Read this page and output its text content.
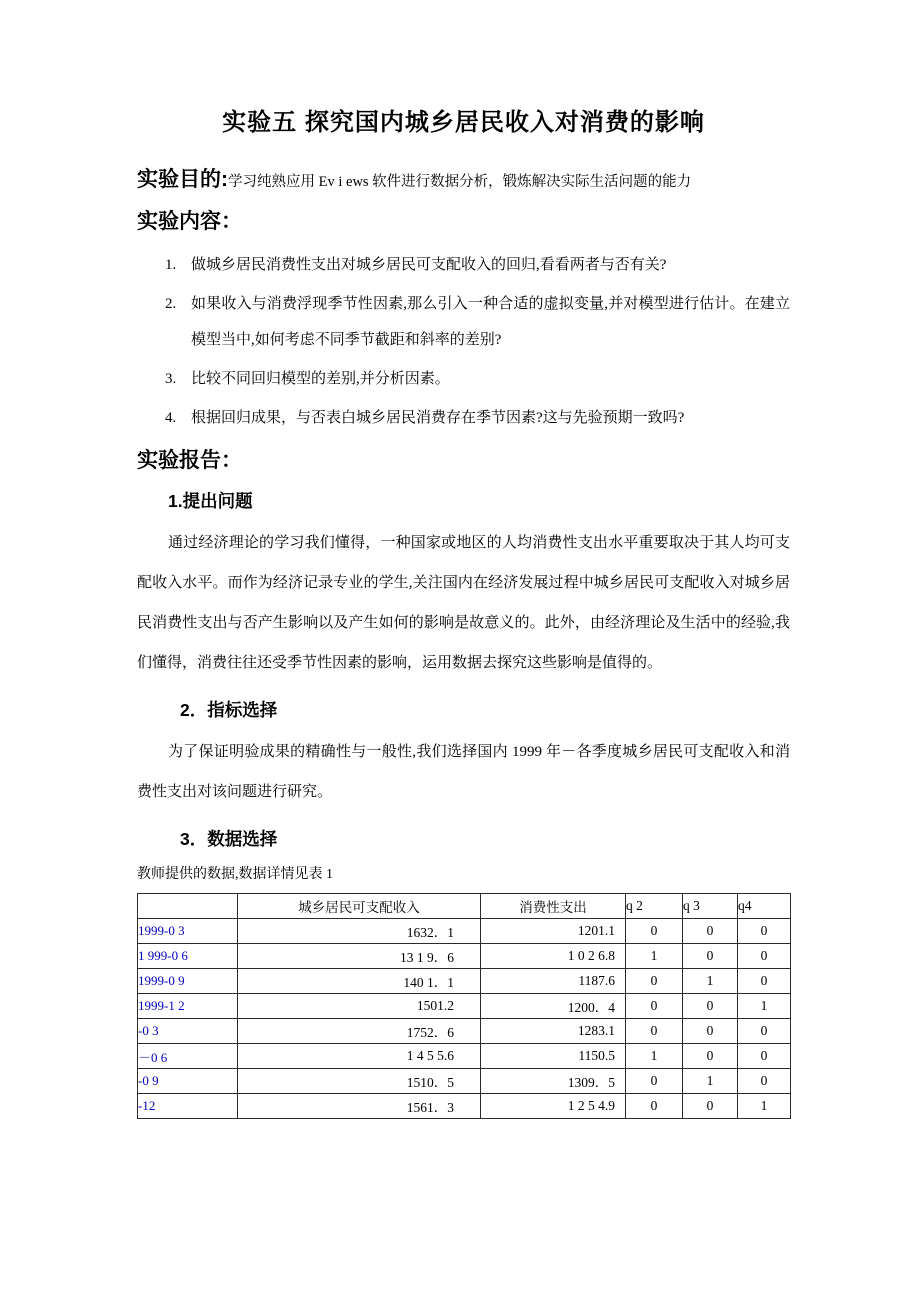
实验五 探究国内城乡居民收入对消费的影响

实验目的:学习纯熟应用 Ev i ews 软件进行数据分析，锻炼解决实际生活问题的能力

实验内容：

1. 做城乡居民消费性支出对城乡居民可支配收入的回归,看看两者与否有关?
2. 如果收入与消费浮现季节性因素,那么引入一种合适的虚拟变量,并对模型进行估计。在建立模型当中,如何考虑不同季节截距和斜率的差别?
3. 比较不同回归模型的差别,并分析因素。
4. 根据回归成果，与否表白城乡居民消费存在季节因素?这与先验预期一致吗?

实验报告：

1.提出问题

通过经济理论的学习我们懂得，一种国家或地区的人均消费性支出水平重要取决于其人均可支配收入水平。而作为经济记录专业的学生,关注国内在经济发展过程中城乡居民可支配收入对城乡居民消费性支出与否产生影响以及产生如何的影响是故意义的。此外，由经济理论及生活中的经验,我们懂得，消费往往还受季节性因素的影响，运用数据去探究这些影响是值得的。

2．指标选择

为了保证明验成果的精确性与一般性,我们选择国内 1999 年－各季度城乡居民可支配收入和消费性支出对该问题进行研究。

3．数据选择

教师提供的数据,数据详情见表 1

	城乡居民可支配收入	消费性支出	q 2	q 3	q4
1999-0 3	1632．1	1201.1	0	0	0
1 999-0 6	13 1 9．6	1 0 2 6.8	1	0	0
1999-0 9	140 1．1	1187.6	0	1	0
1999-1 2	1501.2	1200．4	0	0	1
-0 3	1752．6	1283.1	0	0	0
－0 6	1 4 5 5.6	1150.5	1	0	0
-0 9	1510．5	1309．5	0	1	0
-12	1561．3	1 2 5 4.9	0	0	1
